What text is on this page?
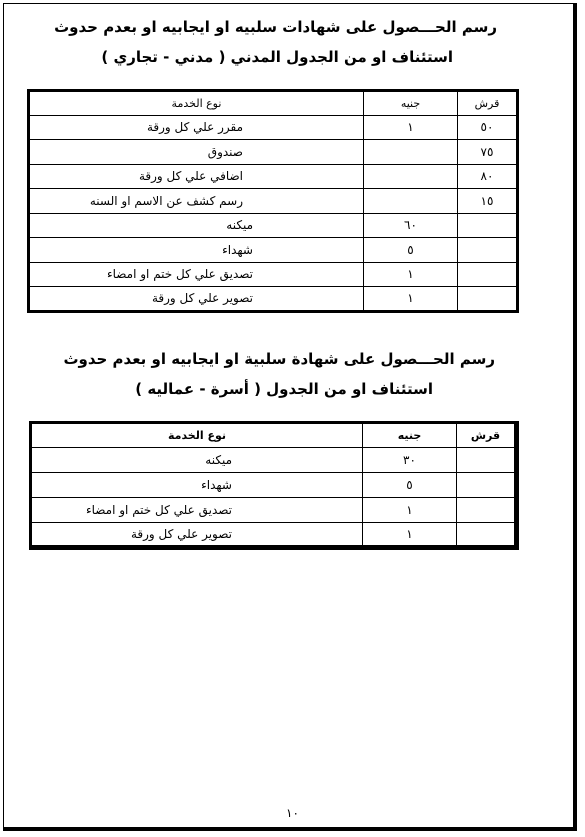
رسم الحـــصول على شهادات سلبيه او ايجابيه او بعدم حدوث
استئناف او من الجدول المدني ( مدني - تجاري )
قرش	جنيه	نوع الخدمة
٥٠	١	مقرر علي كل ورقة
٧٥		صندوق
٨٠		اضافي علي كل ورقة
١٥		رسم كشف عن الاسم او السنه
	٦٠	ميكنه
	٥	شهداء
	١	تصديق علي كل ختم او امضاء
	١	تصوير علي كل ورقة
رسم الحـــصول على شهادة سلبية او ايجابيه او بعدم حدوث
استئناف او من الجدول ( أسرة - عماليه )
قرش	جنيه	نوع الخدمة
	٣٠	ميكنه
	٥	شهداء
	١	تصديق علي كل ختم او امضاء
	١	تصوير علي كل ورقة
١٠
